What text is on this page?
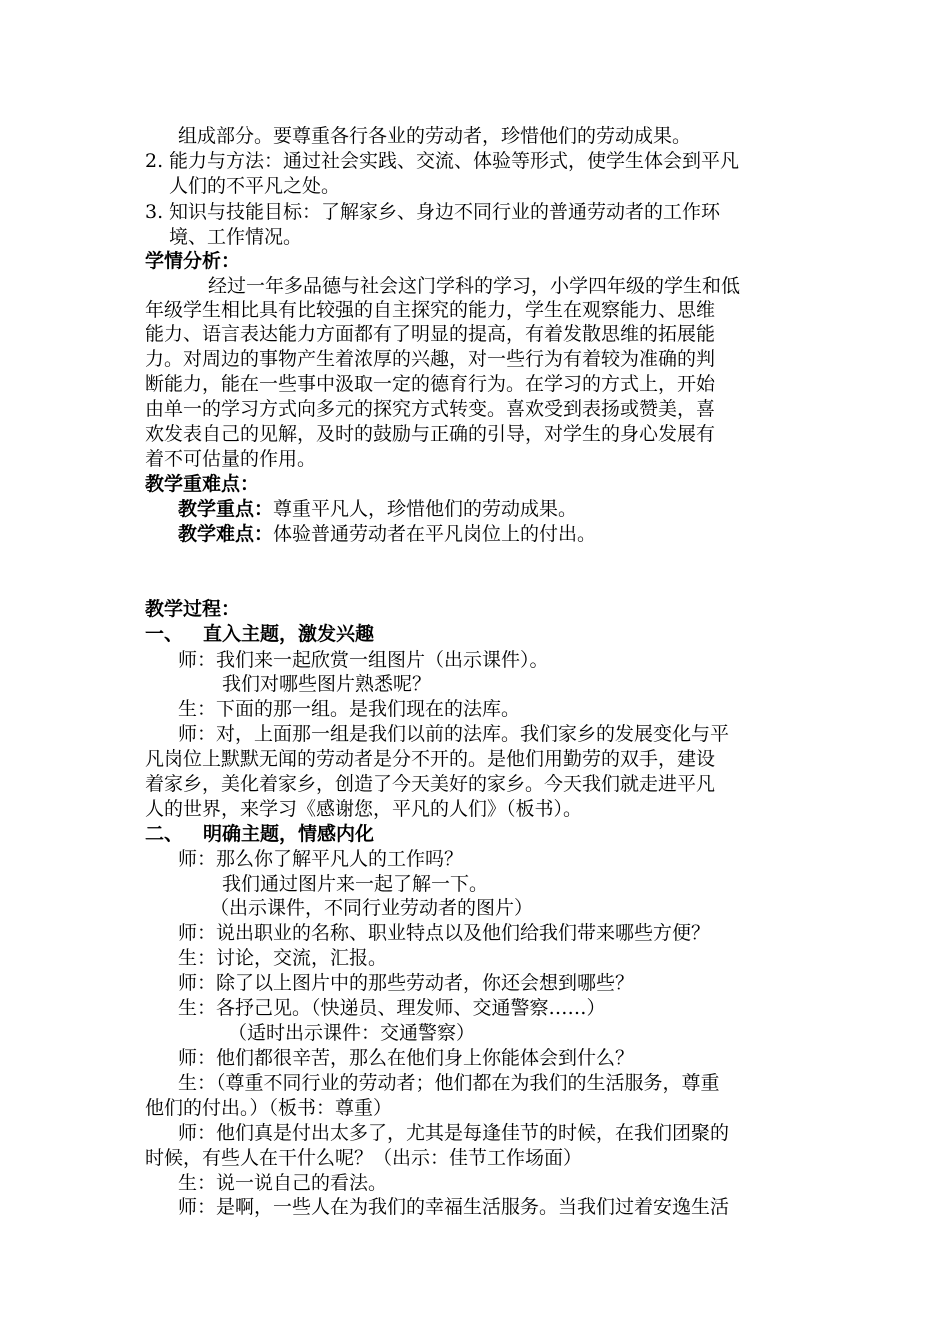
组成部分。要尊重各行各业的劳动者，珍惜他们的劳动成果。
2. 能力与方法：通过社会实践、交流、体验等形式，使学生体会到平凡
人们的不平凡之处。
3. 知识与技能目标：了解家乡、身边不同行业的普通劳动者的工作环
境、工作情况。
学情分析：
经过一年多品德与社会这门学科的学习，小学四年级的学生和低
年级学生相比具有比较强的自主探究的能力，学生在观察能力、思维
能力、语言表达能力方面都有了明显的提高，有着发散思维的拓展能
力。对周边的事物产生着浓厚的兴趣，对一些行为有着较为准确的判
断能力，能在一些事中汲取一定的德育行为。在学习的方式上，开始
由单一的学习方式向多元的探究方式转变。喜欢受到表扬或赞美，喜
欢发表自己的见解，及时的鼓励与正确的引导，对学生的身心发展有
着不可估量的作用。
教学重难点：
教学重点：尊重平凡人，珍惜他们的劳动成果。
教学难点：体验普通劳动者在平凡岗位上的付出。
教学过程：
一、 直入主题，激发兴趣
师：我们来一起欣赏一组图片（出示课件）。
我们对哪些图片熟悉呢？
生：下面的那一组。是我们现在的法库。
师：对，上面那一组是我们以前的法库。我们家乡的发展变化与平
凡岗位上默默无闻的劳动者是分不开的。是他们用勤劳的双手，建设
着家乡，美化着家乡，创造了今天美好的家乡。今天我们就走进平凡
人的世界，来学习《感谢您，平凡的人们》（板书）。
二、 明确主题，情感内化
师：那么你了解平凡人的工作吗？
我们通过图片来一起了解一下。
（出示课件，不同行业劳动者的图片）
师：说出职业的名称、职业特点以及他们给我们带来哪些方便？
生：讨论，交流，汇报。
师：除了以上图片中的那些劳动者，你还会想到哪些？
生：各抒己见。（快递员、理发师、交通警察……）
（适时出示课件：交通警察）
师：他们都很辛苦，那么在他们身上你能体会到什么？
生：（尊重不同行业的劳动者；他们都在为我们的生活服务，尊重
他们的付出。）（板书：尊重）
师：他们真是付出太多了，尤其是每逢佳节的时候，在我们团聚的
时候，有些人在干什么呢？（出示：佳节工作场面）
生：说一说自己的看法。
师：是啊，一些人在为我们的幸福生活服务。当我们过着安逸生活
